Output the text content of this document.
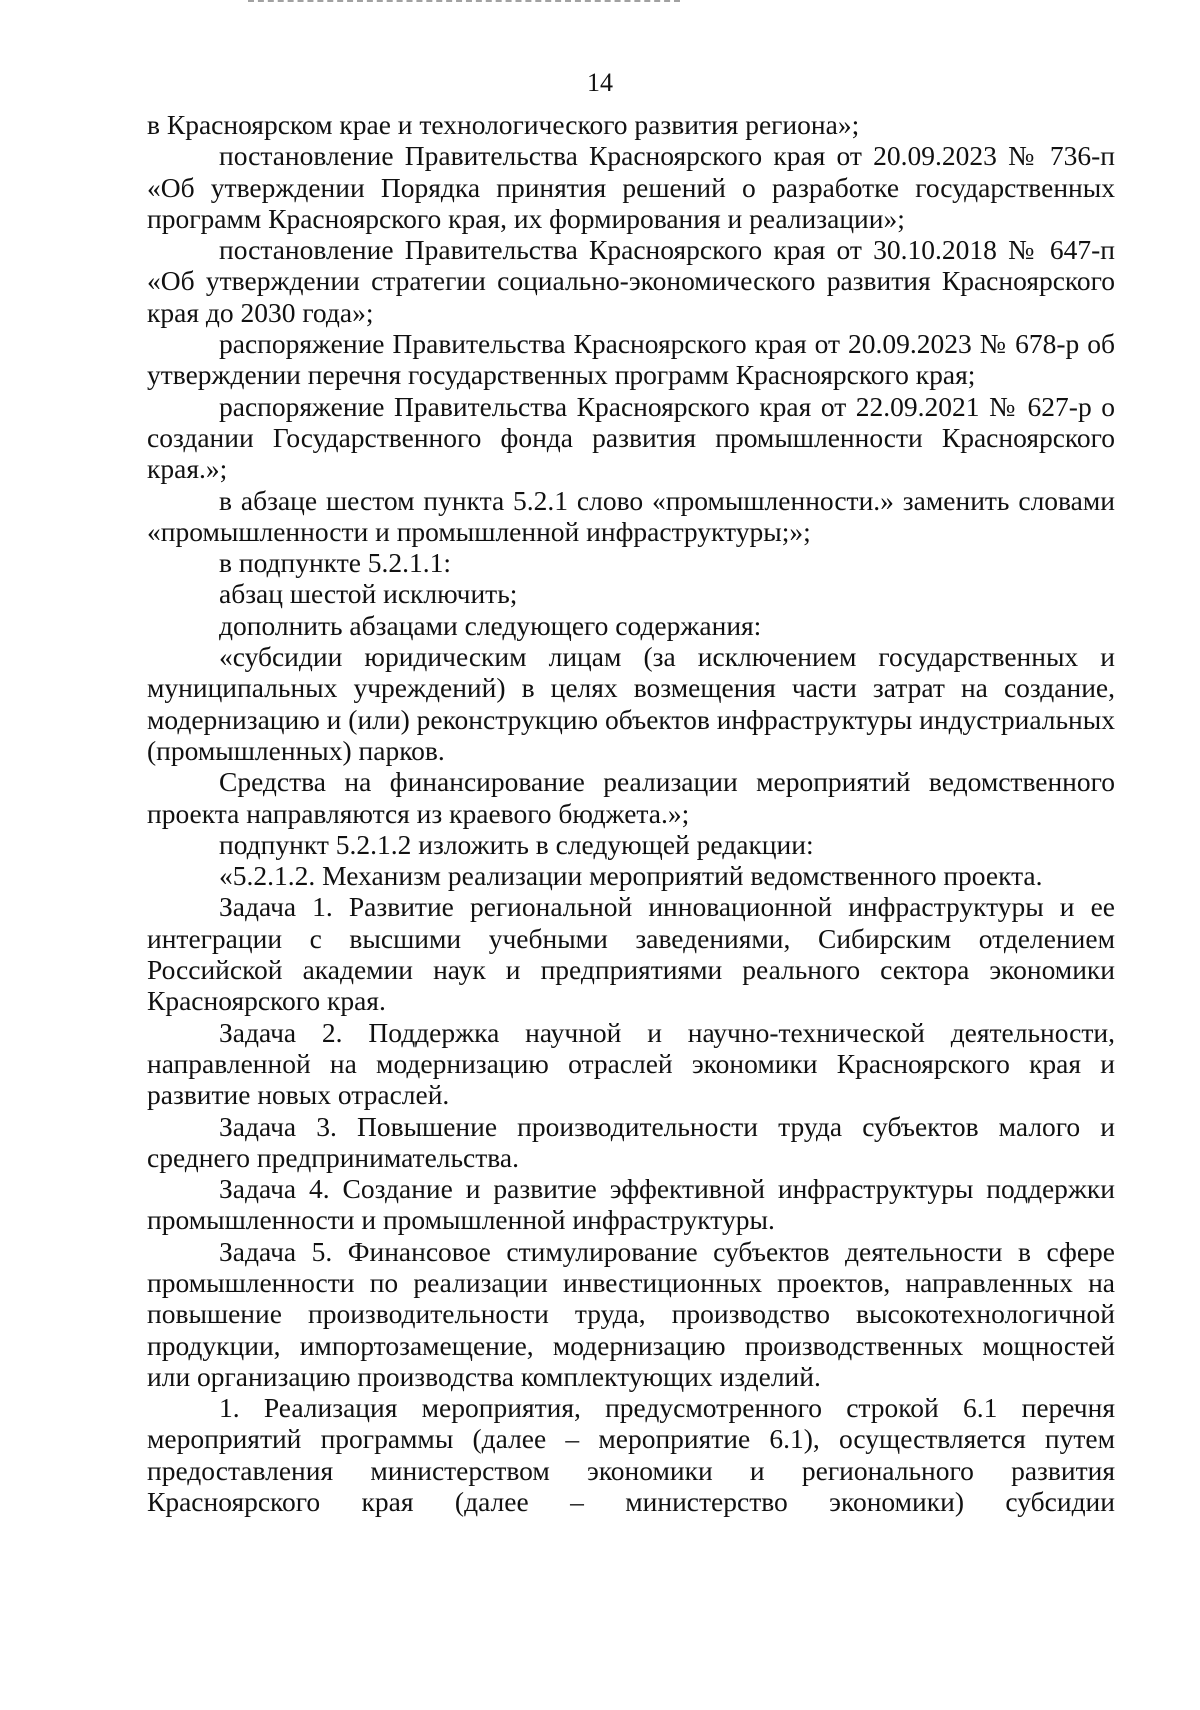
14

в Красноярском крае и технологического развития региона»;

постановление Правительства Красноярского края от 20.09.2023 № 736-п «Об утверждении Порядка принятия решений о разработке государственных программ Красноярского края, их формирования и реализации»;

постановление Правительства Красноярского края от 30.10.2018 № 647-п «Об утверждении стратегии социально-экономического развития Красноярского края до 2030 года»;

распоряжение Правительства Красноярского края от 20.09.2023 № 678-р об утверждении перечня государственных программ Красноярского края;

распоряжение Правительства Красноярского края от 22.09.2021 № 627-р о создании Государственного фонда развития промышленности Красноярского края.»;

в абзаце шестом пункта 5.2.1 слово «промышленности.» заменить словами «промышленности и промышленной инфраструктуры;»;

в подпункте 5.2.1.1:

абзац шестой исключить;

дополнить абзацами следующего содержания:

«субсидии юридическим лицам (за исключением государственных и муниципальных учреждений) в целях возмещения части затрат на создание, модернизацию и (или) реконструкцию объектов инфраструктуры индустриальных (промышленных) парков.

Средства на финансирование реализации мероприятий ведомственного проекта направляются из краевого бюджета.»;

подпункт 5.2.1.2 изложить в следующей редакции:

«5.2.1.2. Механизм реализации мероприятий ведомственного проекта.

Задача 1. Развитие региональной инновационной инфраструктуры и ее интеграции с высшими учебными заведениями, Сибирским отделением Российской академии наук и предприятиями реального сектора экономики Красноярского края.

Задача 2. Поддержка научной и научно-технической деятельности, направленной на модернизацию отраслей экономики Красноярского края и развитие новых отраслей.

Задача 3. Повышение производительности труда субъектов малого и среднего предпринимательства.

Задача 4. Создание и развитие эффективной инфраструктуры поддержки промышленности и промышленной инфраструктуры.

Задача 5. Финансовое стимулирование субъектов деятельности в сфере промышленности по реализации инвестиционных проектов, направленных на повышение производительности труда, производство высокотехнологичной продукции, импортозамещение, модернизацию производственных мощностей или организацию производства комплектующих изделий.

1. Реализация мероприятия, предусмотренного строкой 6.1 перечня мероприятий программы (далее – мероприятие 6.1), осуществляется путем предоставления министерством экономики и регионального развития Красноярского края (далее – министерство экономики) субсидии
